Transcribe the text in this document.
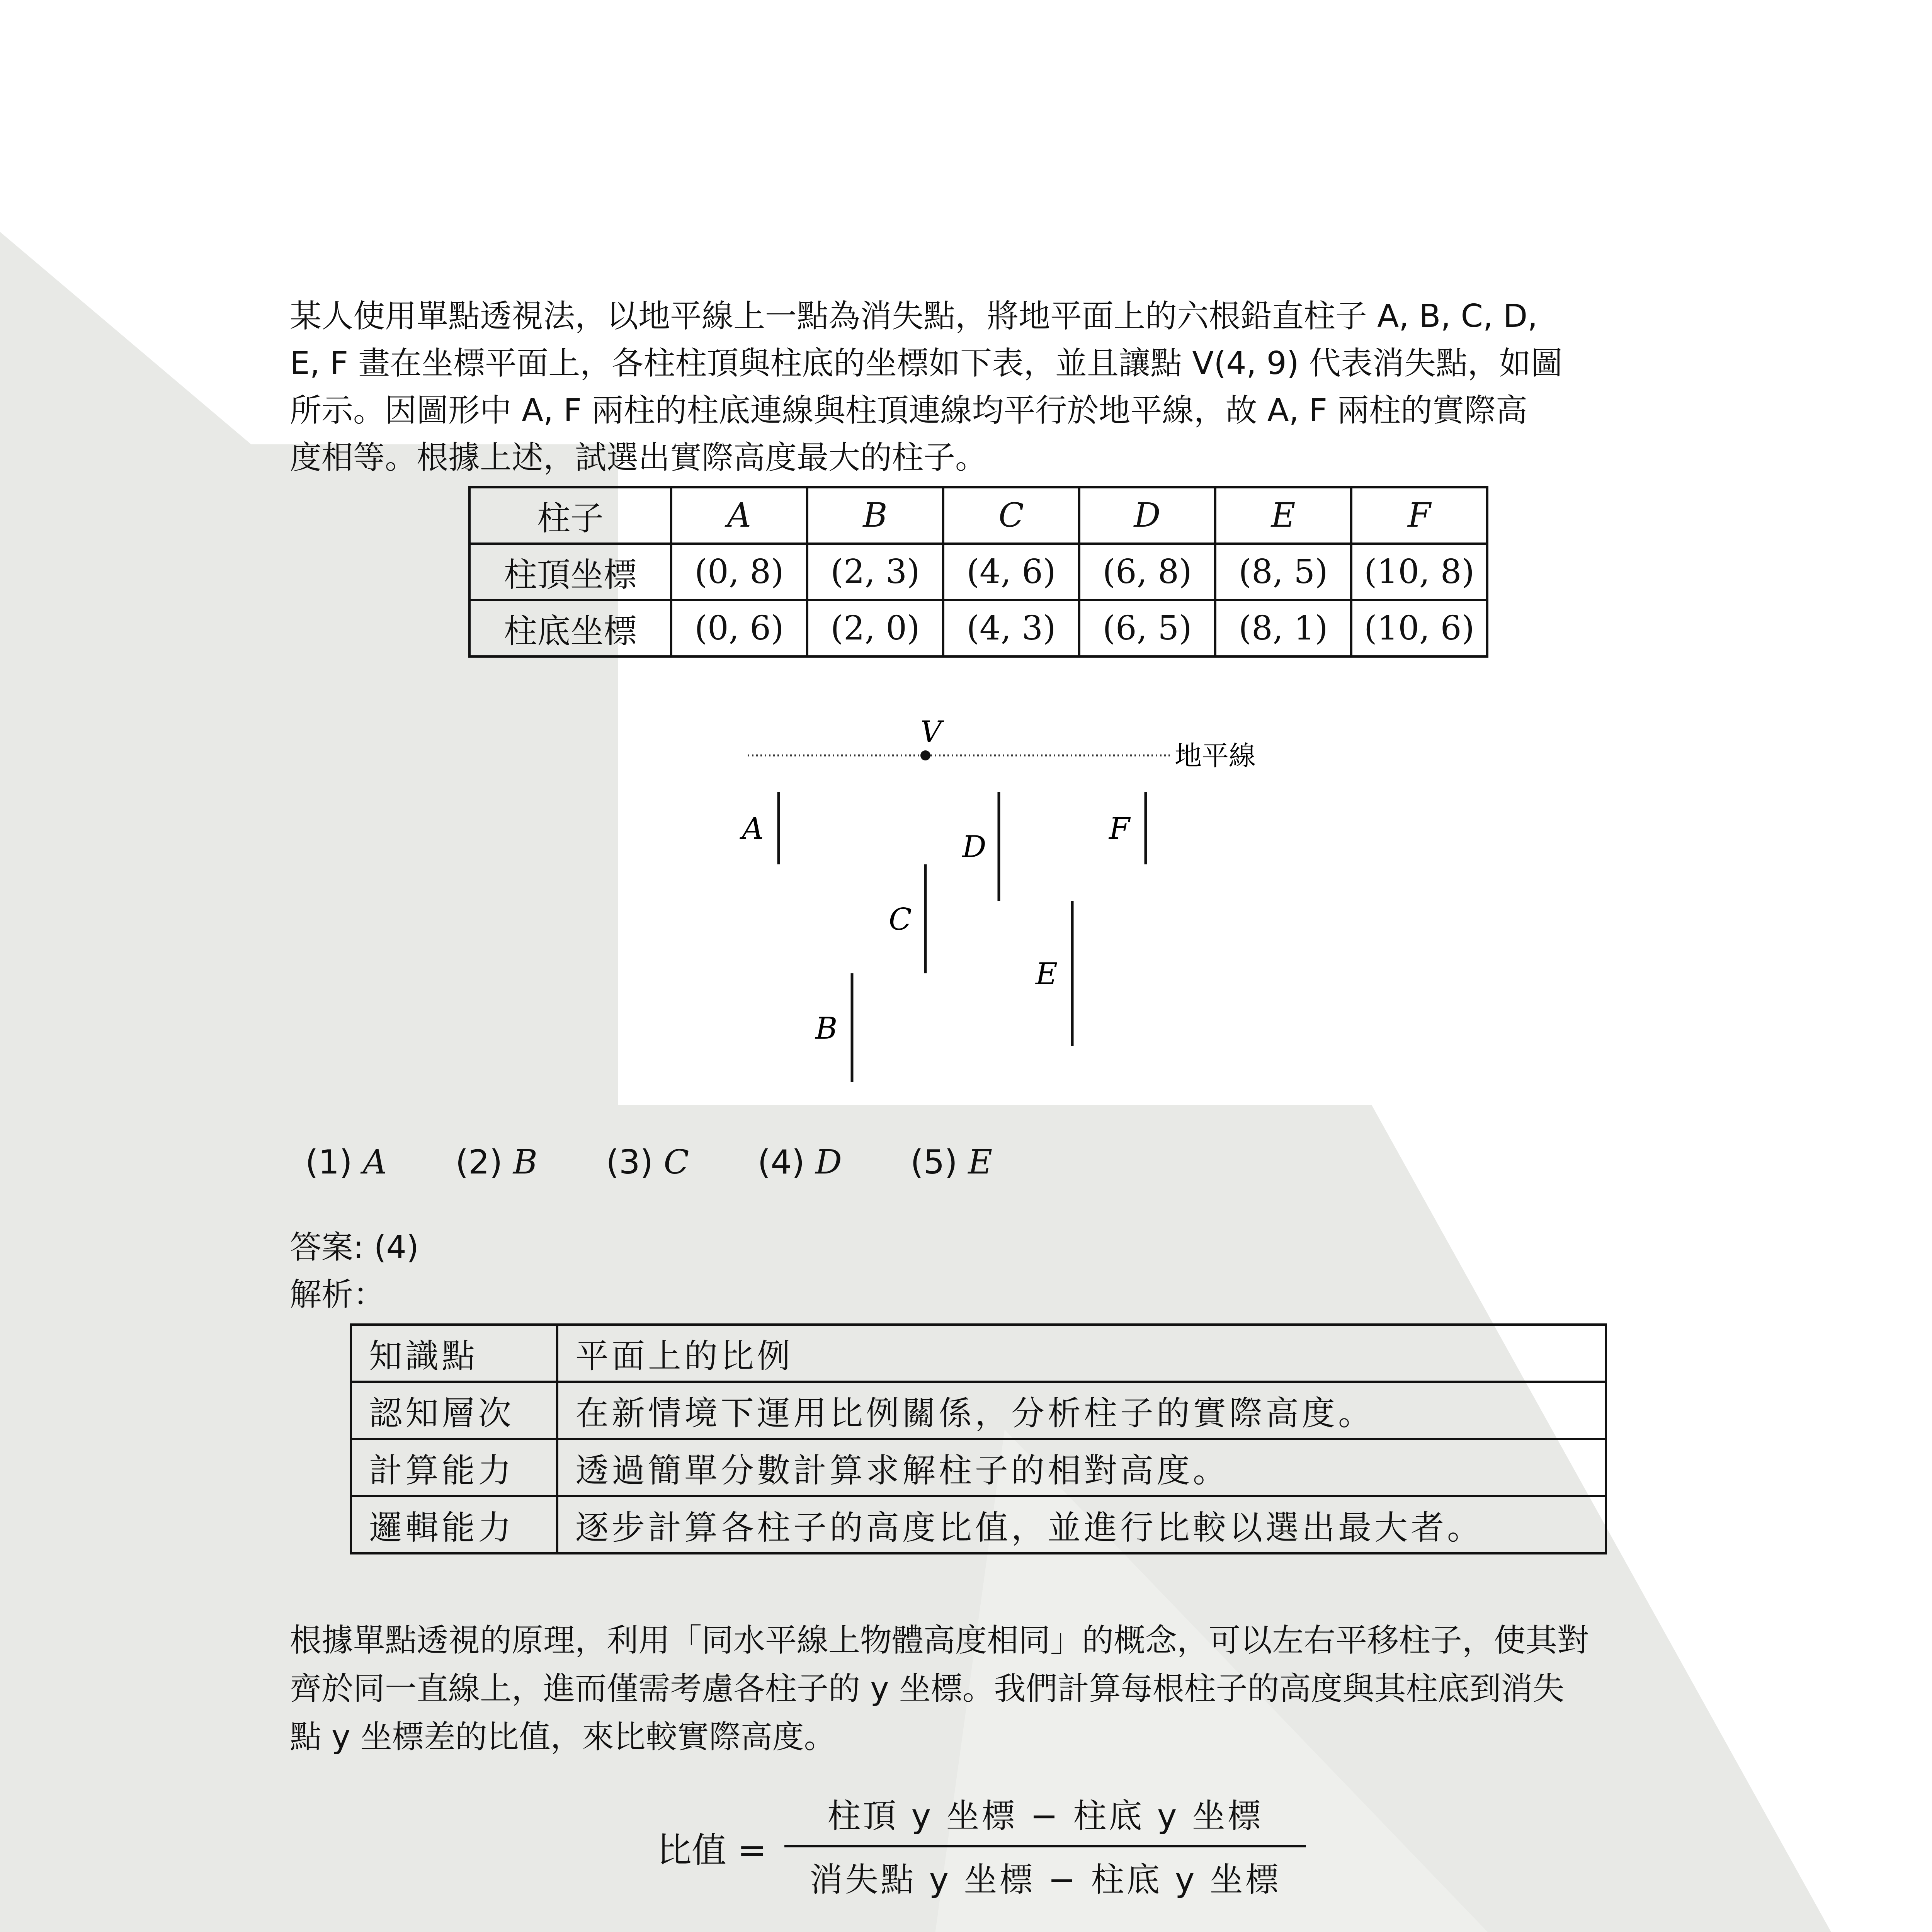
某人使用單點透視法，以地平線上一點為消失點，將地平面上的六根鉛直柱子 A, B, C, D,
E, F 畫在坐標平面上，各柱柱頂與柱底的坐標如下表，並且讓點 V(4, 9) 代表消失點，如圖
所示。因圖形中 A, F 兩柱的柱底連線與柱頂連線均平行於地平線，故 A, F 兩柱的實際高
度相等。根據上述，試選出實際高度最大的柱子。
柱子	A	B	C	D	E	F
柱頂坐標	(0, 8)	(2, 3)	(4, 6)	(6, 8)	(8, 5)	(10, 8)
柱底坐標	(0, 6)	(2, 0)	(4, 3)	(6, 5)	(8, 1)	(10, 6)
V
地平線
A
B
C
D
E
F
(1) A (2) B (3) C (4) D (5) E
答案: (4)
解析：
知識點	平面上的比例
認知層次	在新情境下運用比例關係，分析柱子的實際高度。
計算能力	透過簡單分數計算求解柱子的相對高度。
邏輯能力	逐步計算各柱子的高度比值，並進行比較以選出最大者。
根據單點透視的原理，利用「同水平線上物體高度相同」的概念，可以左右平移柱子，使其對
齊於同一直線上，進而僅需考慮各柱子的 y 坐標。我們計算每根柱子的高度與其柱底到消失
點 y 坐標差的比值，來比較實際高度。
比值 =
柱頂 y 坐標 − 柱底 y 坐標
消失點 y 坐標 − 柱底 y 坐標
